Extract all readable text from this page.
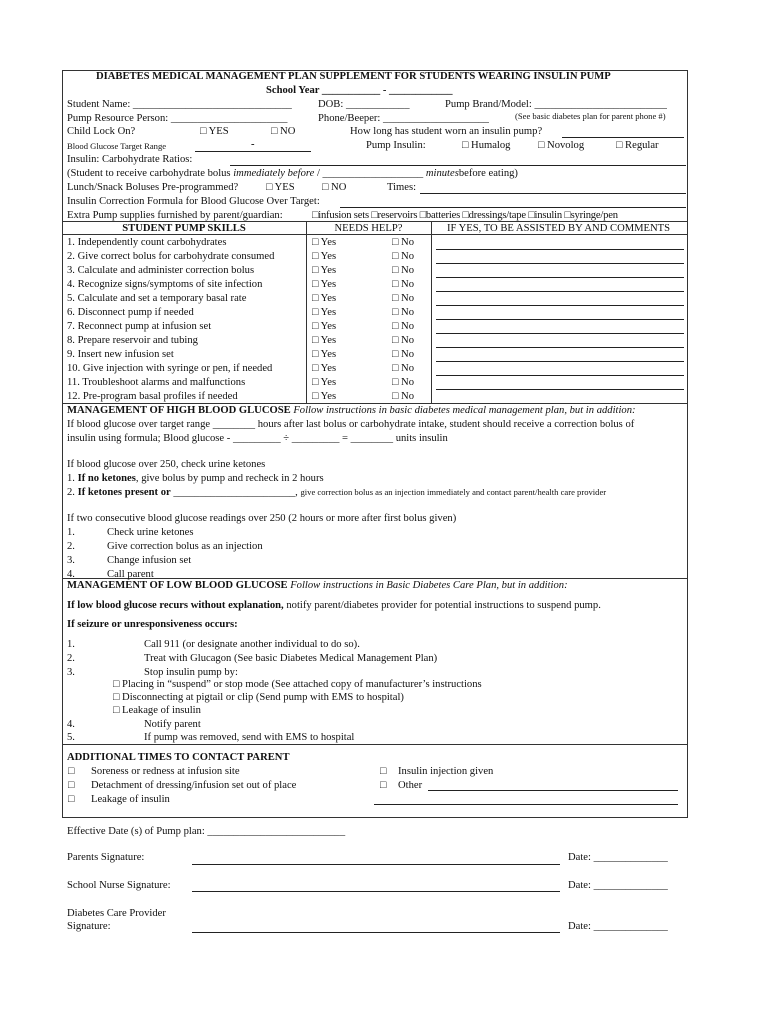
DIABETES MEDICAL MANAGEMENT PLAN SUPPLEMENT FOR STUDENTS WEARING INSULIN PUMP
School Year ___________ - ____________
Student Name: ______________________________ DOB: ____________	Pump Brand/Model: _________________________
Pump Resource Person: ______________________	Phone/Beeper: ____________________	(See basic diabetes plan for parent phone #)
Child Lock On?	□ YES	□ NO	How long has student worn an insulin pump?
Blood Glucose Target Range	-	Pump Insulin:	□ Humalog	□ Novolog	□ Regular
Insulin: Carbohydrate Ratios:
(Student to receive carbohydrate bolus immediately before / ___________________ minutesbefore eating)
Lunch/Snack Boluses Pre-programmed?	□ YES	□ NO	Times:
Insulin Correction Formula for Blood Glucose Over Target:
Extra Pump supplies furnished by parent/guardian:	□infusion sets □reservoirs □batteries □dressings/tape □insulin □syringe/pen
STUDENT PUMP SKILLS	NEEDS HELP?	IF YES, TO BE ASSISTED BY AND COMMENTS
1. Independently count carbohydrates	□ Yes	□ No
2. Give correct bolus for carbohydrate consumed	□ Yes	□ No
3. Calculate and administer correction bolus	□ Yes	□ No
4. Recognize signs/symptoms of site infection	□ Yes	□ No
5. Calculate and set a temporary basal rate	□ Yes	□ No
6. Disconnect pump if needed	□ Yes	□ No
7. Reconnect pump at infusion set	□ Yes	□ No
8. Prepare reservoir and tubing	□ Yes	□ No
9. Insert new infusion set	□ Yes	□ No
10. Give injection with syringe or pen, if needed	□ Yes	□ No
11. Troubleshoot alarms and malfunctions	□ Yes	□ No
12. Pre-program basal profiles if needed	□ Yes	□ No
MANAGEMENT OF HIGH BLOOD GLUCOSE Follow instructions in basic diabetes medical management plan, but in addition:
If blood glucose over target range ________ hours after last bolus or carbohydrate intake, student should receive a correction bolus of
insulin using formula; Blood glucose - _________ ÷ _________ = ________ units insulin
If blood glucose over 250, check urine ketones
1. If no ketones, give bolus by pump and recheck in 2 hours
2. If ketones present or _______________________, give correction bolus as an injection immediately and contact parent/health care provider
If two consecutive blood glucose readings over 250 (2 hours or more after first bolus given)
1.	Check urine ketones
2.	Give correction bolus as an injection
3.	Change infusion set
4.	Call parent
MANAGEMENT OF LOW BLOOD GLUCOSE Follow instructions in Basic Diabetes Care Plan, but in addition:
If low blood glucose recurs without explanation, notify parent/diabetes provider for potential instructions to suspend pump.
If seizure or unresponsiveness occurs:
1.	Call 911 (or designate another individual to do so).
2.	Treat with Glucagon (See basic Diabetes Medical Management Plan)
3.	Stop insulin pump by:
□ Placing in “suspend” or stop mode (See attached copy of manufacturer’s instructions
□ Disconnecting at pigtail or clip (Send pump with EMS to hospital)
□ Leakage of insulin
4.	Notify parent
5.	If pump was removed, send with EMS to hospital
ADDITIONAL TIMES TO CONTACT PARENT
□ Soreness or redness at infusion site
□ Detachment of dressing/infusion set out of place
□ Leakage of insulin
□ Insulin injection given
□ Other
Effective Date (s) of Pump plan: __________________________
Parents Signature:	Date: ______________
School Nurse Signature:	Date: ______________
Diabetes Care Provider
Signature:	Date: ______________
